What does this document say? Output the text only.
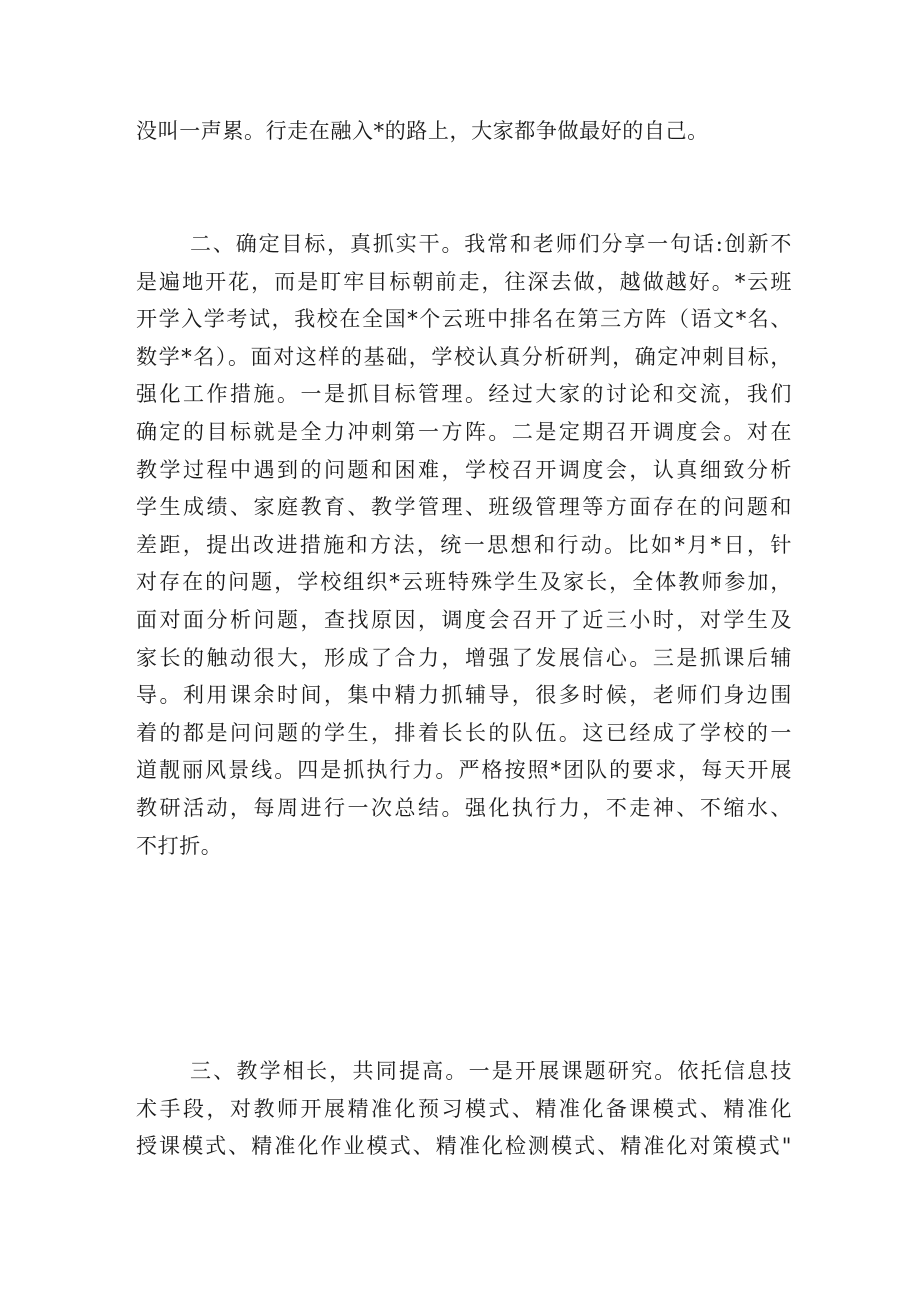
没叫一声累。行走在融入*的路上，大家都争做最好的自己。
二、确定目标，真抓实干。我常和老师们分享一句话:创新不
是遍地开花，而是盯牢目标朝前走，往深去做，越做越好。*云班
开学入学考试，我校在全国*个云班中排名在第三方阵（语文*名、
数学*名）。面对这样的基础，学校认真分析研判，确定冲刺目标，
强化工作措施。一是抓目标管理。经过大家的讨论和交流，我们
确定的目标就是全力冲刺第一方阵。二是定期召开调度会。对在
教学过程中遇到的问题和困难，学校召开调度会，认真细致分析
学生成绩、家庭教育、教学管理、班级管理等方面存在的问题和
差距，提出改进措施和方法，统一思想和行动。比如*月*日，针
对存在的问题，学校组织*云班特殊学生及家长，全体教师参加，
面对面分析问题，查找原因，调度会召开了近三小时，对学生及
家长的触动很大，形成了合力，增强了发展信心。三是抓课后辅
导。利用课余时间，集中精力抓辅导，很多时候，老师们身边围
着的都是问问题的学生，排着长长的队伍。这已经成了学校的一
道靓丽风景线。四是抓执行力。严格按照*团队的要求，每天开展
教研活动，每周进行一次总结。强化执行力，不走神、不缩水、
不打折。
三、教学相长，共同提高。一是开展课题研究。依托信息技
术手段，对教师开展精准化预习模式、精准化备课模式、精准化
授课模式、精准化作业模式、精准化检测模式、精准化对策模式"
